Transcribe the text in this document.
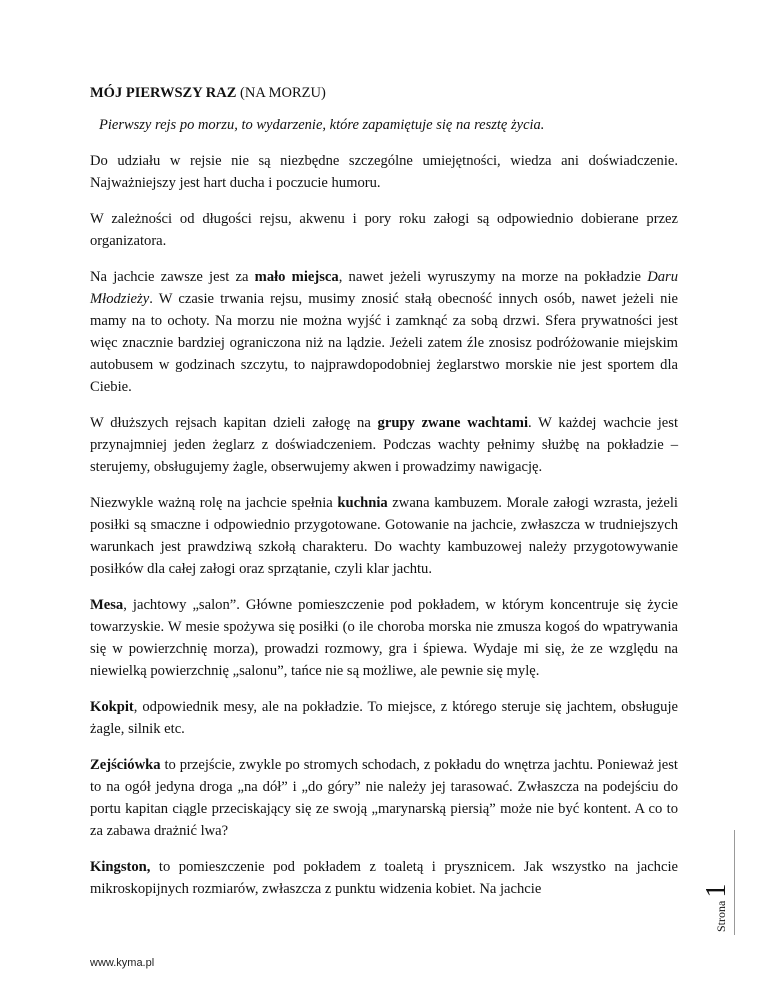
MÓJ PIERWSZY RAZ (NA MORZU)
Pierwszy rejs po morzu, to wydarzenie, które zapamiętuje się na resztę życia.

Do udziału w rejsie nie są niezbędne szczególne umiejętności, wiedza ani doświadczenie. Najważniejszy jest hart ducha i poczucie humoru.

W zależności od długości rejsu, akwenu i pory roku załogi są odpowiednio dobierane przez organizatora.

Na jachcie zawsze jest za mało miejsca, nawet jeżeli wyruszymy na morze na pokładzie Daru Młodzieży. W czasie trwania rejsu, musimy znosić stałą obecność innych osób, nawet jeżeli nie mamy na to ochoty. Na morzu nie można wyjść i zamknąć za sobą drzwi. Sfera prywatności jest więc znacznie bardziej ograniczona niż na lądzie. Jeżeli zatem źle znosisz podróżowanie miejskim autobusem w godzinach szczytu, to najprawdopodobniej żeglarstwo morskie nie jest sportem dla Ciebie.

W dłuższych rejsach kapitan dzieli załogę na grupy zwane wachtami. W każdej wachcie jest przynajmniej jeden żeglarz z doświadczeniem. Podczas wachty pełnimy służbę na pokładzie – sterujemy, obsługujemy żagle, obserwujemy akwen i prowadzimy nawigację.

Niezwykle ważną rolę na jachcie spełnia kuchnia zwana kambuzem. Morale załogi wzrasta, jeżeli posiłki są smaczne i odpowiednio przygotowane. Gotowanie na jachcie, zwłaszcza w trudniejszych warunkach jest prawdziwą szkołą charakteru. Do wachty kambuzowej należy przygotowywanie posiłków dla całej załogi oraz sprzątanie, czyli klar jachtu.

Mesa, jachtowy „salon”. Główne pomieszczenie pod pokładem, w którym koncentruje się życie towarzyskie. W mesie spożywa się posiłki (o ile choroba morska nie zmusza kogoś do wpatrywania się w powierzchnię morza), prowadzi rozmowy, gra i śpiewa. Wydaje mi się, że ze względu na niewielką powierzchnię „salonu”, tańce nie są możliwe, ale pewnie się mylę.

Kokpit, odpowiednik mesy, ale na pokładzie. To miejsce, z którego steruje się jachtem, obsługuje żagle, silnik etc.

Zejściówka to przejście, zwykle po stromych schodach, z pokładu do wnętrza jachtu. Ponieważ jest to na ogół jedyna droga „na dół” i „do góry” nie należy jej tarasować. Zwłaszcza na podejściu do portu kapitan ciągle przeciskający się ze swoją „marynarską piersią” może nie być kontent. A co to za zabawa drażnić lwa?

Kingston, to pomieszczenie pod pokładem z toaletą i prysznicem. Jak wszystko na jachcie mikroskopijnych rozmiarów, zwłaszcza z punktu widzenia kobiet. Na jachcie

www.kyma.pl
Strona
1
